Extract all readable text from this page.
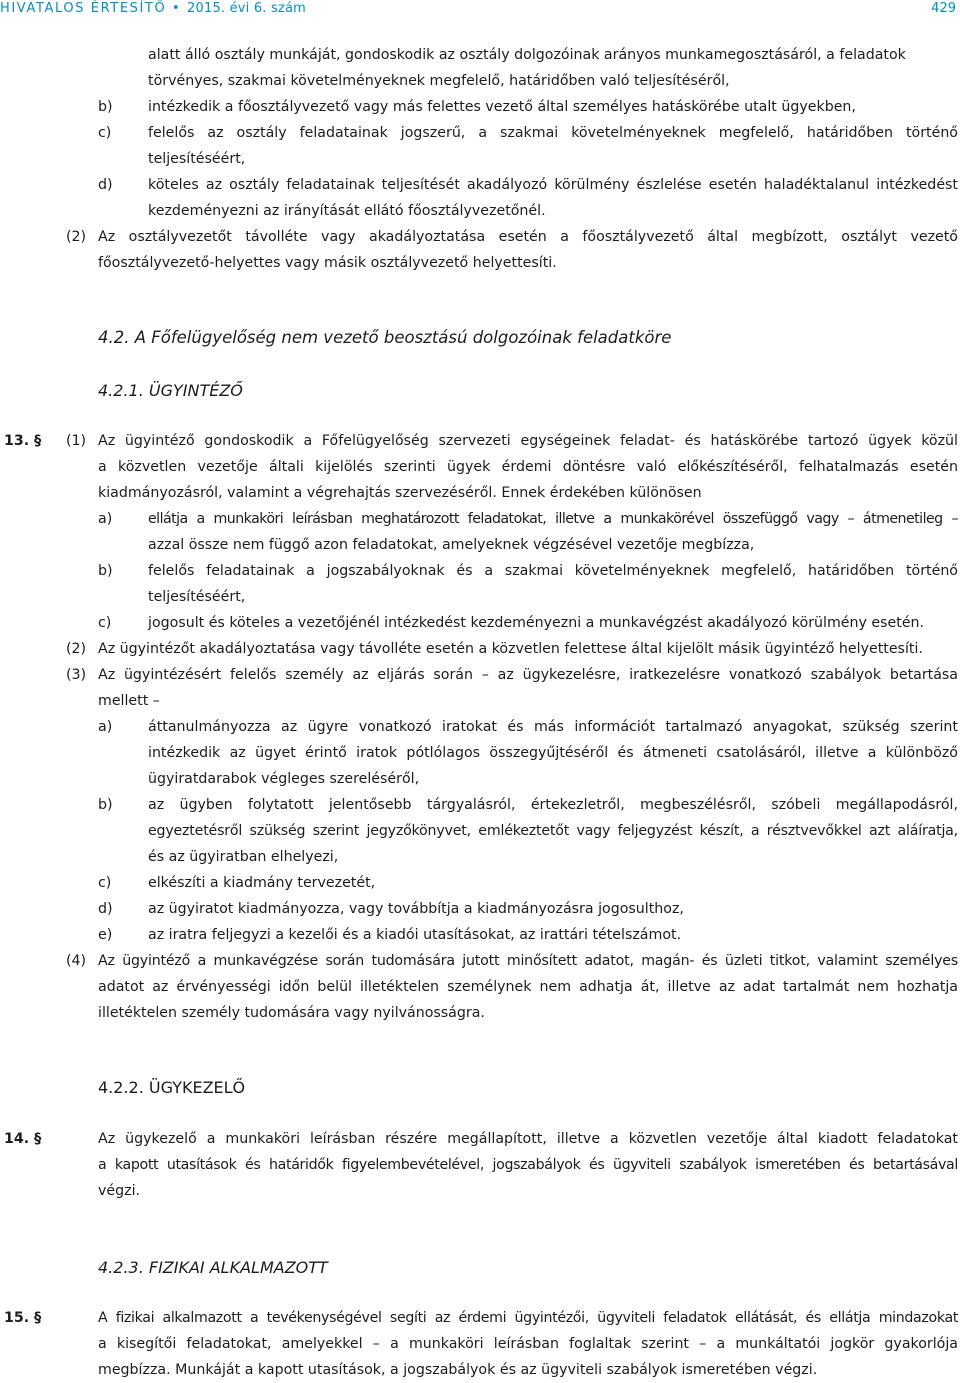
HIVATALOS ÉRTESÍTŐ • 2015. évi 6. szám	429

alatt álló osztály munkáját, gondoskodik az osztály dolgozóinak arányos munkamegosztásáról, a feladatok

törvényes, szakmai követelményeknek megfelelő, határidőben való teljesítéséről,

b) intézkedik a főosztályvezető vagy más felettes vezető által személyes hatáskörébe utalt ügyekben,

c)	felelős az osztály feladatainak jogszerű, a szakmai követelményeknek megfelelő, határidőben történő

teljesítéséért,

d) köteles az osztály feladatainak teljesítését akadályozó körülmény észlelése esetén haladéktalanul intézkedést

kezdeményezni az irányítását ellátó főosztályvezetőnél.

(2) Az osztályvezetőt távolléte vagy akadályoztatása esetén a főosztályvezető által megbízott, osztályt vezető

főosztályvezető-helyettes vagy másik osztályvezető helyettesíti.

4.2. A Főfelügyelőség nem vezető beosztású dolgozóinak feladatköre

4.2.1. ÜGYINTÉZŐ

13. § (1) Az ügyintéző gondoskodik a Főfelügyelőség szervezeti egységeinek feladat- és hatáskörébe tartozó ügyek közül

a közvetlen vezetője általi kijelölés szerinti ügyek érdemi döntésre való előkészítéséről, felhatalmazás esetén

kiadmányozásról, valamint a végrehajtás szervezéséről. Ennek érdekében különösen

a)	ellátja a munkaköri leírásban meghatározott feladatokat, illetve a munkakörével összefüggő vagy – átmenetileg –

azzal össze nem függő azon feladatokat, amelyeknek végzésével vezetője megbízza,

b) felelős feladatainak a jogszabályoknak és a szakmai követelményeknek megfelelő, határidőben történő

teljesítéséért,

c)	jogosult és köteles a vezetőjénél intézkedést kezdeményezni a munkavégzést akadályozó körülmény esetén.

(2) Az ügyintézőt akadályoztatása vagy távolléte esetén a közvetlen felettese által kijelölt másik ügyintéző helyettesíti.

(3) Az ügyintézésért felelős személy az eljárás során – az ügykezelésre, iratkezelésre vonatkozó szabályok betartása

mellett –

a)	áttanulmányozza az ügyre vonatkozó iratokat és más információt tartalmazó anyagokat, szükség szerint

intézkedik az ügyet érintő iratok pótlólagos összegyűjtéséről és átmeneti csatolásáról, illetve a különböző

ügyiratdarabok végleges szereléséről,

b) az ügyben folytatott jelentősebb tárgyalásról, értekezletről, megbeszélésről, szóbeli megállapodásról,

egyeztetésről szükség szerint jegyzőkönyvet, emlékeztetőt vagy feljegyzést készít, a résztvevőkkel azt aláíratja,

és az ügyiratban elhelyezi,

c)	elkészíti a kiadmány tervezetét,

d) az ügyiratot kiadmányozza, vagy továbbítja a kiadmányozásra jogosulthoz,

e)	az iratra feljegyzi a kezelői és a kiadói utasításokat, az irattári tételszámot.

(4) Az ügyintéző a munkavégzése során tudomására jutott minősített adatot, magán- és üzleti titkot, valamint személyes

adatot az érvényességi időn belül illetéktelen személynek nem adhatja át, illetve az adat tartalmát nem hozhatja

illetéktelen személy tudomására vagy nyilvánosságra.

4.2.2. ÜGYKEZELŐ

14. §	Az ügykezelő a munkaköri leírásban részére megállapított, illetve a közvetlen vezetője által kiadott feladatokat

a kapott utasítások és határidők figyelembevételével, jogszabályok és ügyviteli szabályok ismeretében és betartásával

végzi.

4.2.3. FIZIKAI ALKALMAZOTT

15. §	A fizikai alkalmazott a tevékenységével segíti az érdemi ügyintézői, ügyviteli feladatok ellátását, és ellátja mindazokat

a kisegítői feladatokat, amelyekkel – a munkaköri leírásban foglaltak szerint – a munkáltatói jogkör gyakorlója

megbízza. Munkáját a kapott utasítások, a jogszabályok és az ügyviteli szabályok ismeretében végzi.
